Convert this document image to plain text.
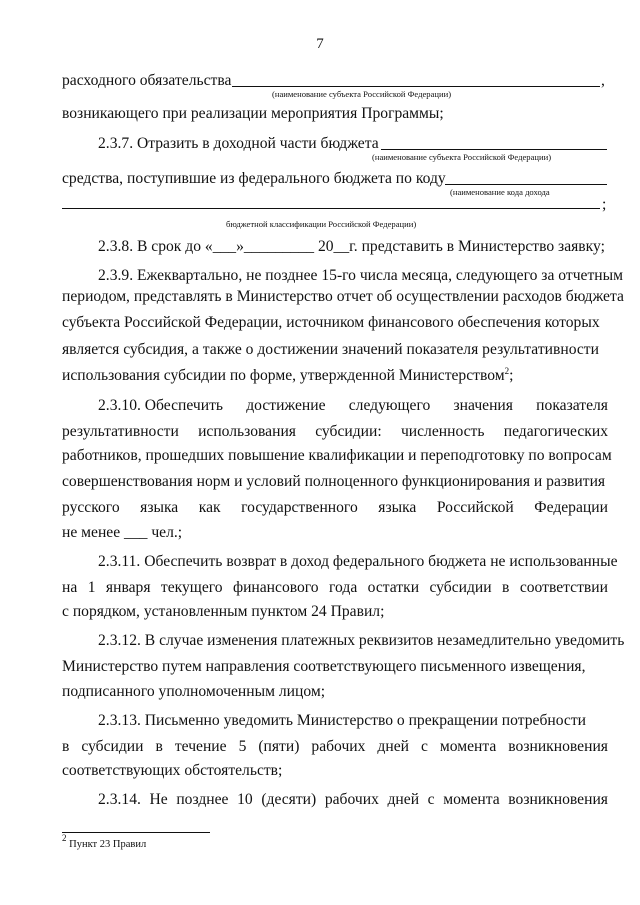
7
расходного обязательства	,
(наименование субъекта Российской Федерации)
возникающего при реализации мероприятия Программы;
2.3.7. Отразить в доходной части бюджета
(наименование субъекта Российской Федерации)
средства, поступившие из федерального бюджета по коду
(наименование кода дохода
;
бюджетной классификации Российской Федерации)
2.3.8. В срок до «___»_________ 20__г. представить в Министерство заявку;
2.3.9. Ежеквартально, не позднее 15-го числа месяца, следующего за отчетным
периодом, представлять в Министерство отчет об осуществлении расходов бюджета
субъекта Российской Федерации, источником финансового обеспечения которых
является субсидия, а также о достижении значений показателя результативности
использования субсидии по форме, утвержденной Министерством$^2$;
2.3.10. Обеспечить достижение следующего значения показателя
результативности использования субсидии: численность педагогических
работников, прошедших повышение квалификации и переподготовку по вопросам
совершенствования норм и условий полноценного функционирования и развития
русского языка как государственного языка Российской Федерации
не менее ___ чел.;
2.3.11. Обеспечить возврат в доход федерального бюджета не использованные
на 1 января текущего финансового года остатки субсидии в соответствии
с порядком, установленным пунктом 24 Правил;
2.3.12. В случае изменения платежных реквизитов незамедлительно уведомить
Министерство путем направления соответствующего письменного извещения,
подписанного уполномоченным лицом;
2.3.13. Письменно уведомить Министерство о прекращении потребности
в субсидии в течение 5 (пяти) рабочих дней с момента возникновения
соответствующих обстоятельств;
2.3.14. Не позднее 10 (десяти) рабочих дней с момента возникновения
$^2$ Пункт 23 Правил
